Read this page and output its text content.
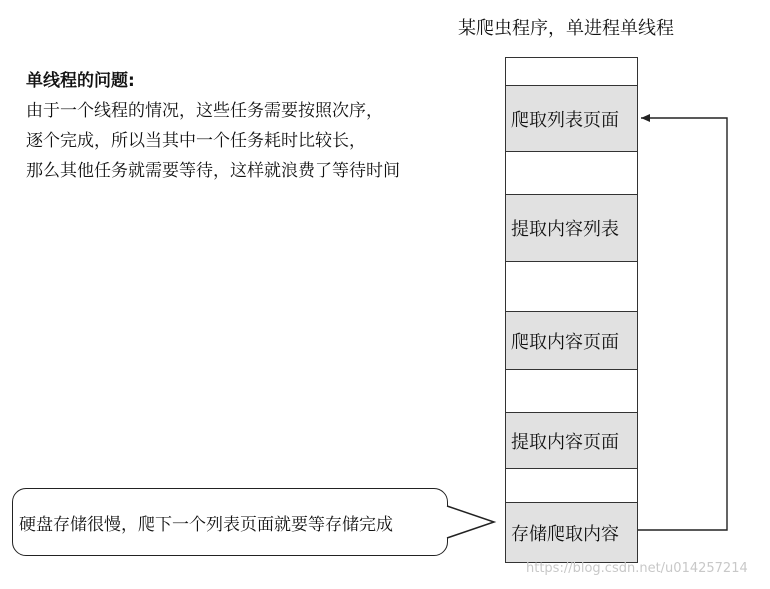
某爬虫程序，单进程单线程
单线程的问题:
由于一个线程的情况，这些任务需要按照次序，
逐个完成，所以当其中一个任务耗时比较长，
那么其他任务就需要等待，这样就浪费了等待时间
爬取列表页面
提取内容列表
爬取内容页面
提取内容页面
存储爬取内容
硬盘存储很慢，爬下一个列表页面就要等存储完成
https://blog.csdn.net/u014257214
